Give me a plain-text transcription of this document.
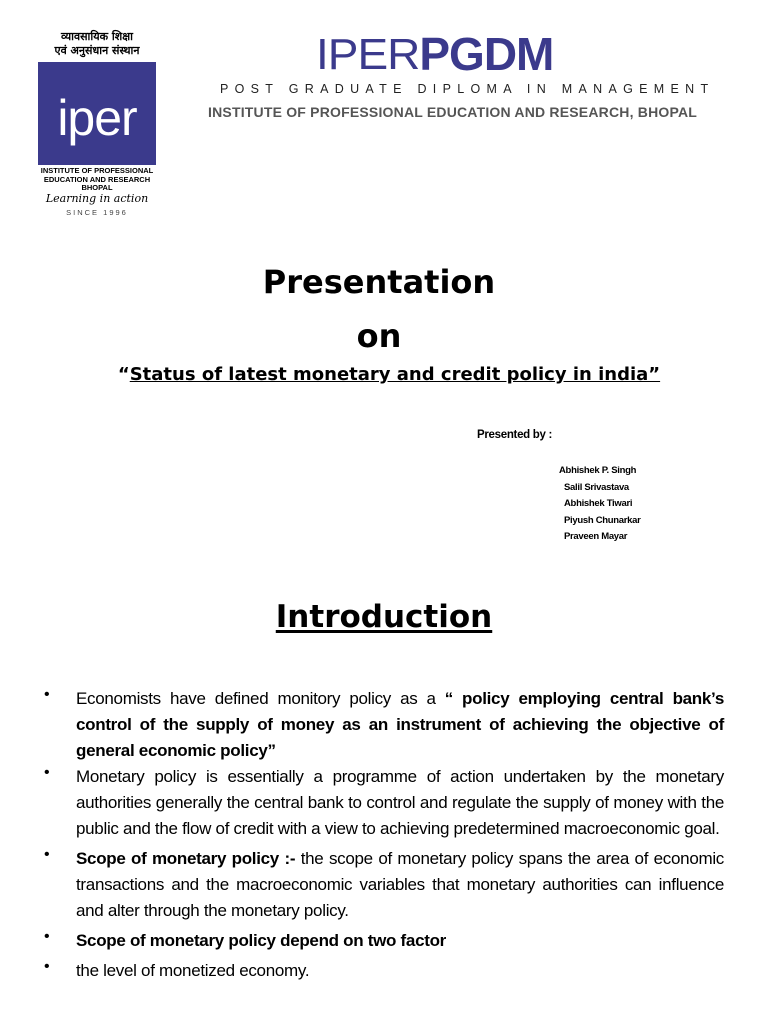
व्यावसायिक शिक्षा
एवं अनुसंधान संस्थान
iper
INSTITUTE OF PROFESSIONAL
EDUCATION AND RESEARCH
BHOPAL
Learning in action
SINCE 1996
IPERPGDM
POST GRADUATE DIPLOMA IN MANAGEMENT
INSTITUTE OF PROFESSIONAL EDUCATION AND RESEARCH, BHOPAL
Presentation
on
“Status of latest monetary and credit policy in india”
Presented by :
Abhishek P. Singh
Salil Srivastava
Abhishek Tiwari
Piyush Chunarkar
Praveen Mayar
Introduction
• Economists have defined monitory policy as a “ policy employing central bank’s control of the supply of money as an instrument of achieving the objective of general economic policy”
• Monetary policy is essentially a programme of action undertaken by the monetary authorities generally the central bank to control and regulate the supply of money with the public and the flow of credit with a view to achieving predetermined macroeconomic goal.
• Scope of monetary policy :- the scope of monetary policy spans the area of economic transactions and the macroeconomic variables that monetary authorities can influence and alter through the monetary policy.
• Scope of monetary policy depend on two factor
• the level of monetized economy.
